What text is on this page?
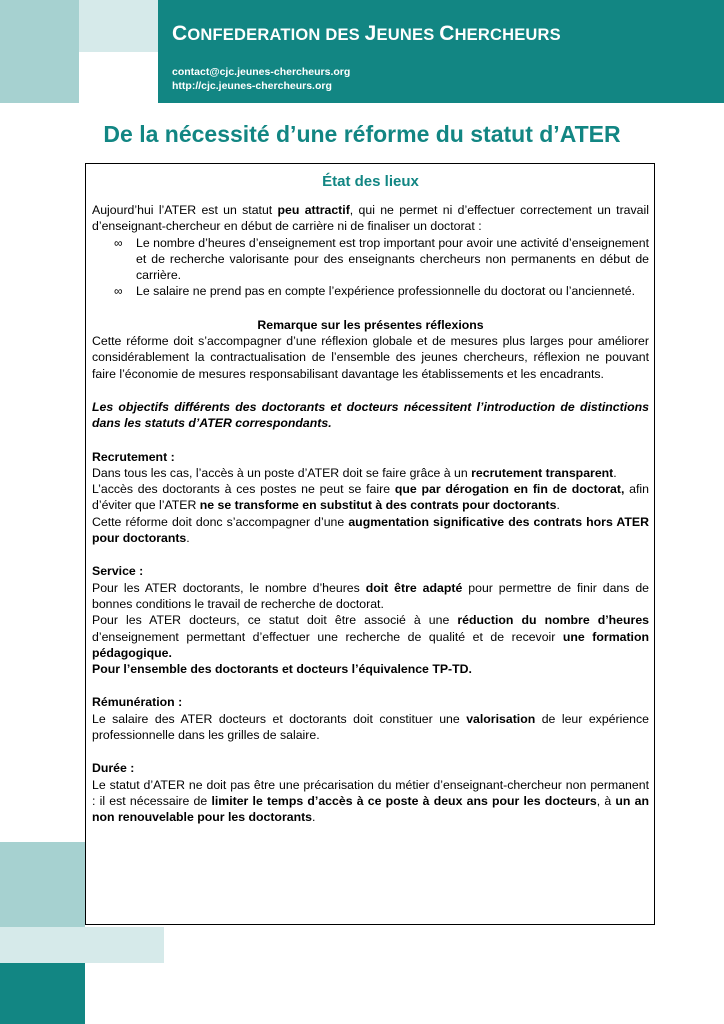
CONFEDERATION DES JEUNES CHERCHEURS
contact@cjc.jeunes-chercheurs.org
http://cjc.jeunes-chercheurs.org
De la nécessité d’une réforme du statut d’ATER

État des lieux

Aujourd’hui l’ATER est un statut peu attractif, qui ne permet ni d’effectuer correctement un travail d’enseignant-chercheur en début de carrière ni de finaliser un doctorat :

∞ Le nombre d’heures d’enseignement est trop important pour avoir une activité d’enseignement et de recherche valorisante pour des enseignants chercheurs non permanents en début de carrière.
∞ Le salaire ne prend pas en compte l’expérience professionnelle du doctorat ou l’ancienneté.

Remarque sur les présentes réflexions

Cette réforme doit s’accompagner d’une réflexion globale et de mesures plus larges pour améliorer considérablement la contractualisation de l’ensemble des jeunes chercheurs, réflexion ne pouvant faire l’économie de mesures responsabilisant davantage les établissements et les encadrants.

Les objectifs différents des doctorants et docteurs nécessitent l’introduction de distinctions dans les statuts d’ATER correspondants.

Recrutement :

Dans tous les cas, l’accès à un poste d’ATER doit se faire grâce à un recrutement transparent.

L’accès des doctorants à ces postes ne peut se faire que par dérogation en fin de doctorat, afin d’éviter que l’ATER ne se transforme en substitut à des contrats pour doctorants.

Cette réforme doit donc s’accompagner d’une augmentation significative des contrats hors ATER pour doctorants.

Service :

Pour les ATER doctorants, le nombre d’heures doit être adapté pour permettre de finir dans de bonnes conditions le travail de recherche de doctorat.

Pour les ATER docteurs, ce statut doit être associé à une réduction du nombre d’heures d’enseignement permettant d’effectuer une recherche de qualité et de recevoir une formation pédagogique.

Pour l’ensemble des doctorants et docteurs l’équivalence TP-TD.

Rémunération :

Le salaire des ATER docteurs et doctorants doit constituer une valorisation de leur expérience professionnelle dans les grilles de salaire.

Durée :

Le statut d’ATER ne doit pas être une précarisation du métier d’enseignant-chercheur non permanent : il est nécessaire de limiter le temps d’accès à ce poste à deux ans pour les docteurs, à un an non renouvelable pour les doctorants.
